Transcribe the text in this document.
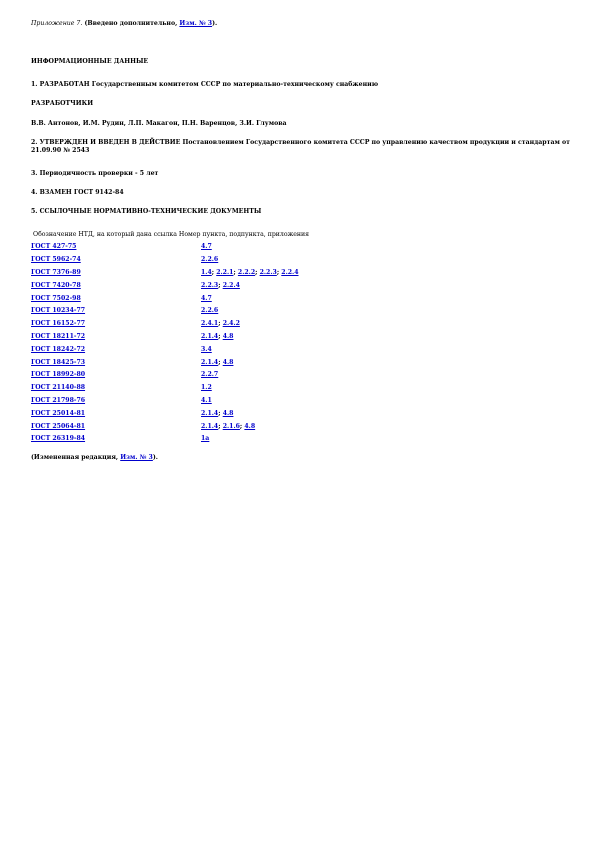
Приложение 7. (Введено дополнительно, Изм. № 3).
ИНФОРМАЦИОННЫЕ ДАННЫЕ
1. РАЗРАБОТАН Государственным комитетом СССР по материально-техническому снабжению
РАЗРАБОТЧИКИ
В.В. Антонов, И.М. Рудин, Л.П. Макагон, П.Н. Варенцов, З.И. Глумова
2. УТВЕРЖДЕН И ВВЕДЕН В ДЕЙСТВИЕ Постановлением Государственного комитета СССР по управлению качеством продукции и стандартам от 21.09.90 № 2543
3. Периодичность проверки - 5 лет
4. ВЗАМЕН ГОСТ 9142-84
5. ССЫЛОЧНЫЕ НОРМАТИВНО-ТЕХНИЧЕСКИЕ ДОКУМЕНТЫ
Обозначение НТД, на который дана ссылка Номер пункта, подпункта, приложения
ГОСТ 427-75	4.7
ГОСТ 5962-74	2.2.6
ГОСТ 7376-89	1.4; 2.2.1; 2.2.2; 2.2.3; 2.2.4
ГОСТ 7420-78	2.2.3; 2.2.4
ГОСТ 7502-98	4.7
ГОСТ 10234-77	2.2.6
ГОСТ 16152-77	2.4.1; 2.4.2
ГОСТ 18211-72	2.1.4; 4.8
ГОСТ 18242-72	3.4
ГОСТ 18425-73	2.1.4; 4.8
ГОСТ 18992-80	2.2.7
ГОСТ 21140-88	1.2
ГОСТ 21798-76	4.1
ГОСТ 25014-81	2.1.4; 4.8
ГОСТ 25064-81	2.1.4; 2.1.6; 4.8
ГОСТ 26319-84	1а
(Измененная редакция, Изм. № 3).
